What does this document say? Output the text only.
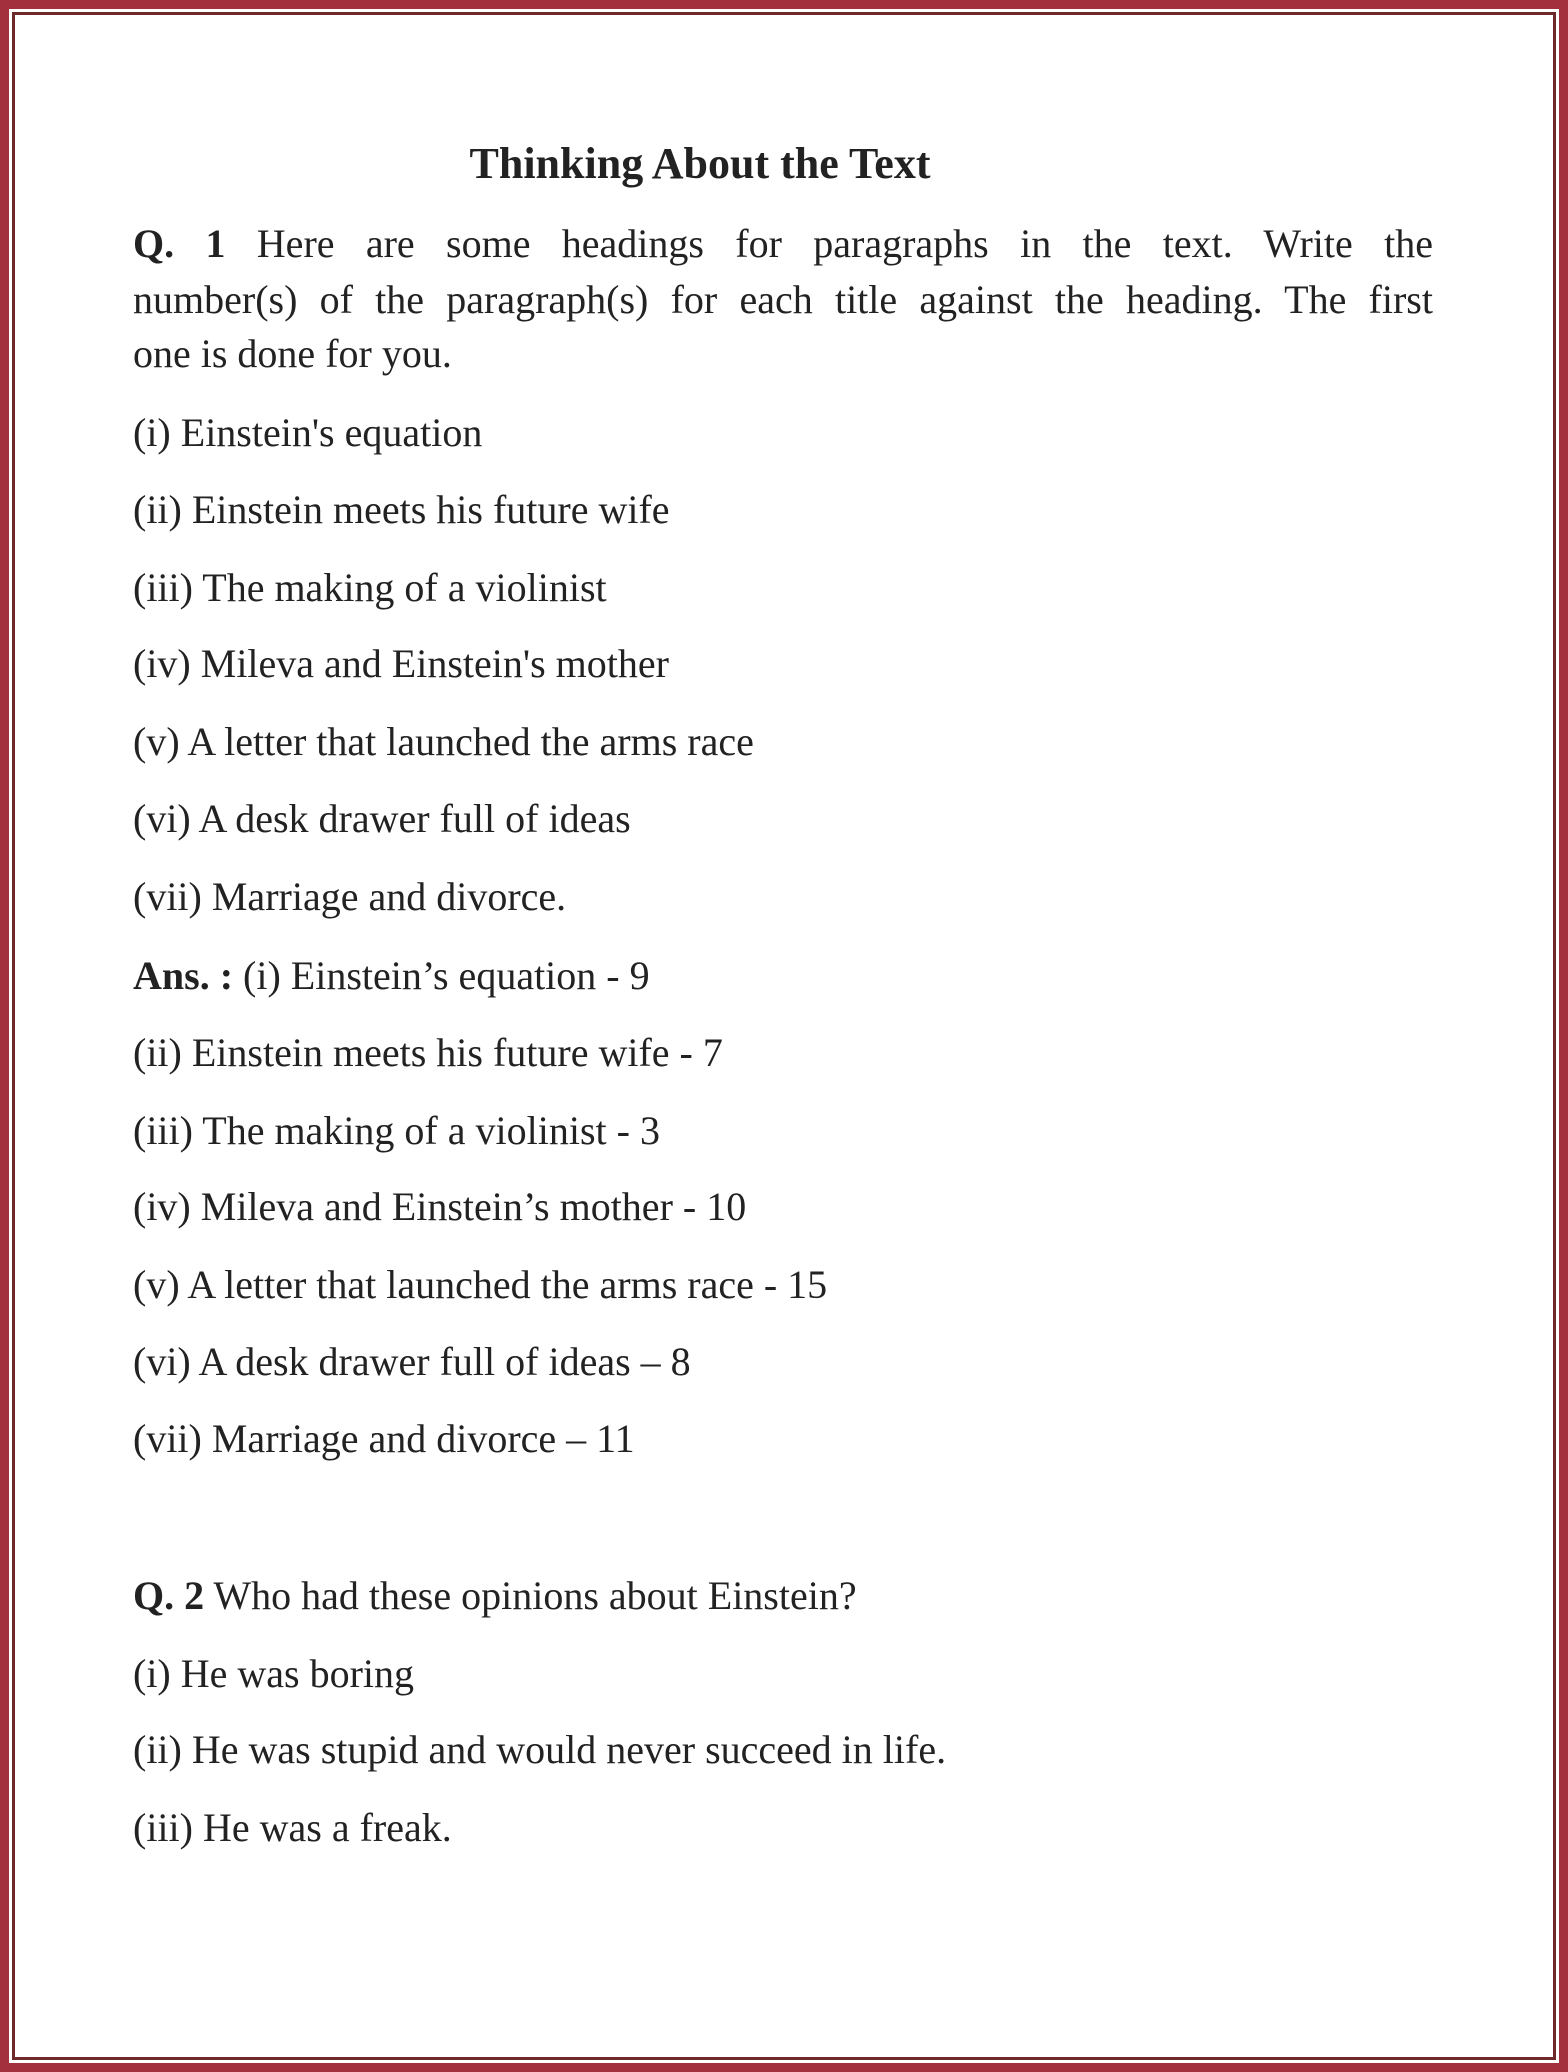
Thinking About the Text
Q. 1 Here are some headings for paragraphs in the text. Write the
number(s) of the paragraph(s) for each title against the heading. The first
one is done for you.
(i) Einstein's equation
(ii) Einstein meets his future wife
(iii) The making of a violinist
(iv) Mileva and Einstein's mother
(v) A letter that launched the arms race
(vi) A desk drawer full of ideas
(vii) Marriage and divorce.
Ans. : (i) Einstein’s equation - 9
(ii) Einstein meets his future wife - 7
(iii) The making of a violinist - 3
(iv) Mileva and Einstein’s mother - 10
(v) A letter that launched the arms race - 15
(vi) A desk drawer full of ideas – 8
(vii) Marriage and divorce – 11
Q. 2 Who had these opinions about Einstein?
(i) He was boring
(ii) He was stupid and would never succeed in life.
(iii) He was a freak.
